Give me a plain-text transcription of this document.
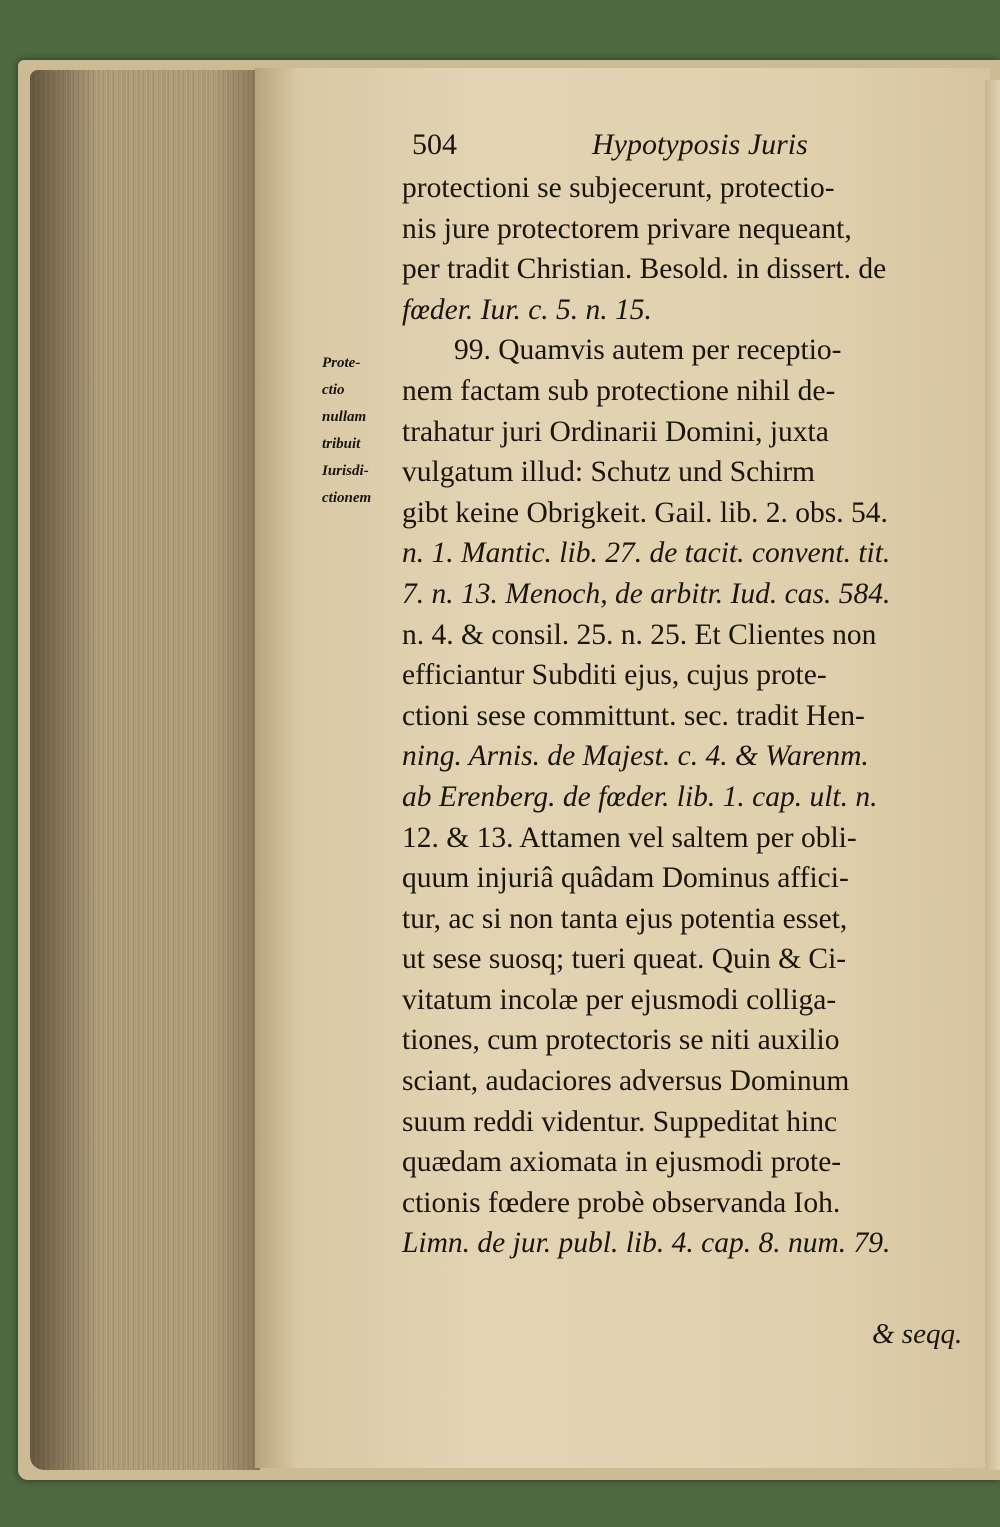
504	Hypotyposis Juris
Prote-
ctio
nullam
tribuit
Iurisdi-
ctionem

protectioni se subjecerunt, protectio-

nis jure protectorem privare nequeant,

per tradit Christian. Besold. in dissert. de

fœder. Iur. c. 5. n. 15.

99. Quamvis autem per receptio-

nem factam sub protectione nihil de-

trahatur juri Ordinarii Domini, juxta

vulgatum illud: Schutz und Schirm

gibt keine Obrigkeit. Gail. lib. 2. obs. 54.

n. 1. Mantic. lib. 27. de tacit. convent. tit.

7. n. 13. Menoch, de arbitr. Iud. cas. 584.

n. 4. & consil. 25. n. 25. Et Clientes non

efficiantur Subditi ejus, cujus prote-

ctioni sese committunt. sec. tradit Hen-

ning. Arnis. de Majest. c. 4. & Warenm.

ab Erenberg. de fœder. lib. 1. cap. ult. n.

12. & 13. Attamen vel saltem per obli-

quum injuriâ quâdam Dominus affici-

tur, ac si non tanta ejus potentia esset,

ut sese suosq; tueri queat. Quin & Ci-

vitatum incolæ per ejusmodi colliga-

tiones, cum protectoris se niti auxilio

sciant, audaciores adversus Dominum

suum reddi videntur. Suppeditat hinc

quædam axiomata in ejusmodi prote-

ctionis fœdere probè observanda Ioh.

Limn. de jur. publ. lib. 4. cap. 8. num. 79.

& seqq.
